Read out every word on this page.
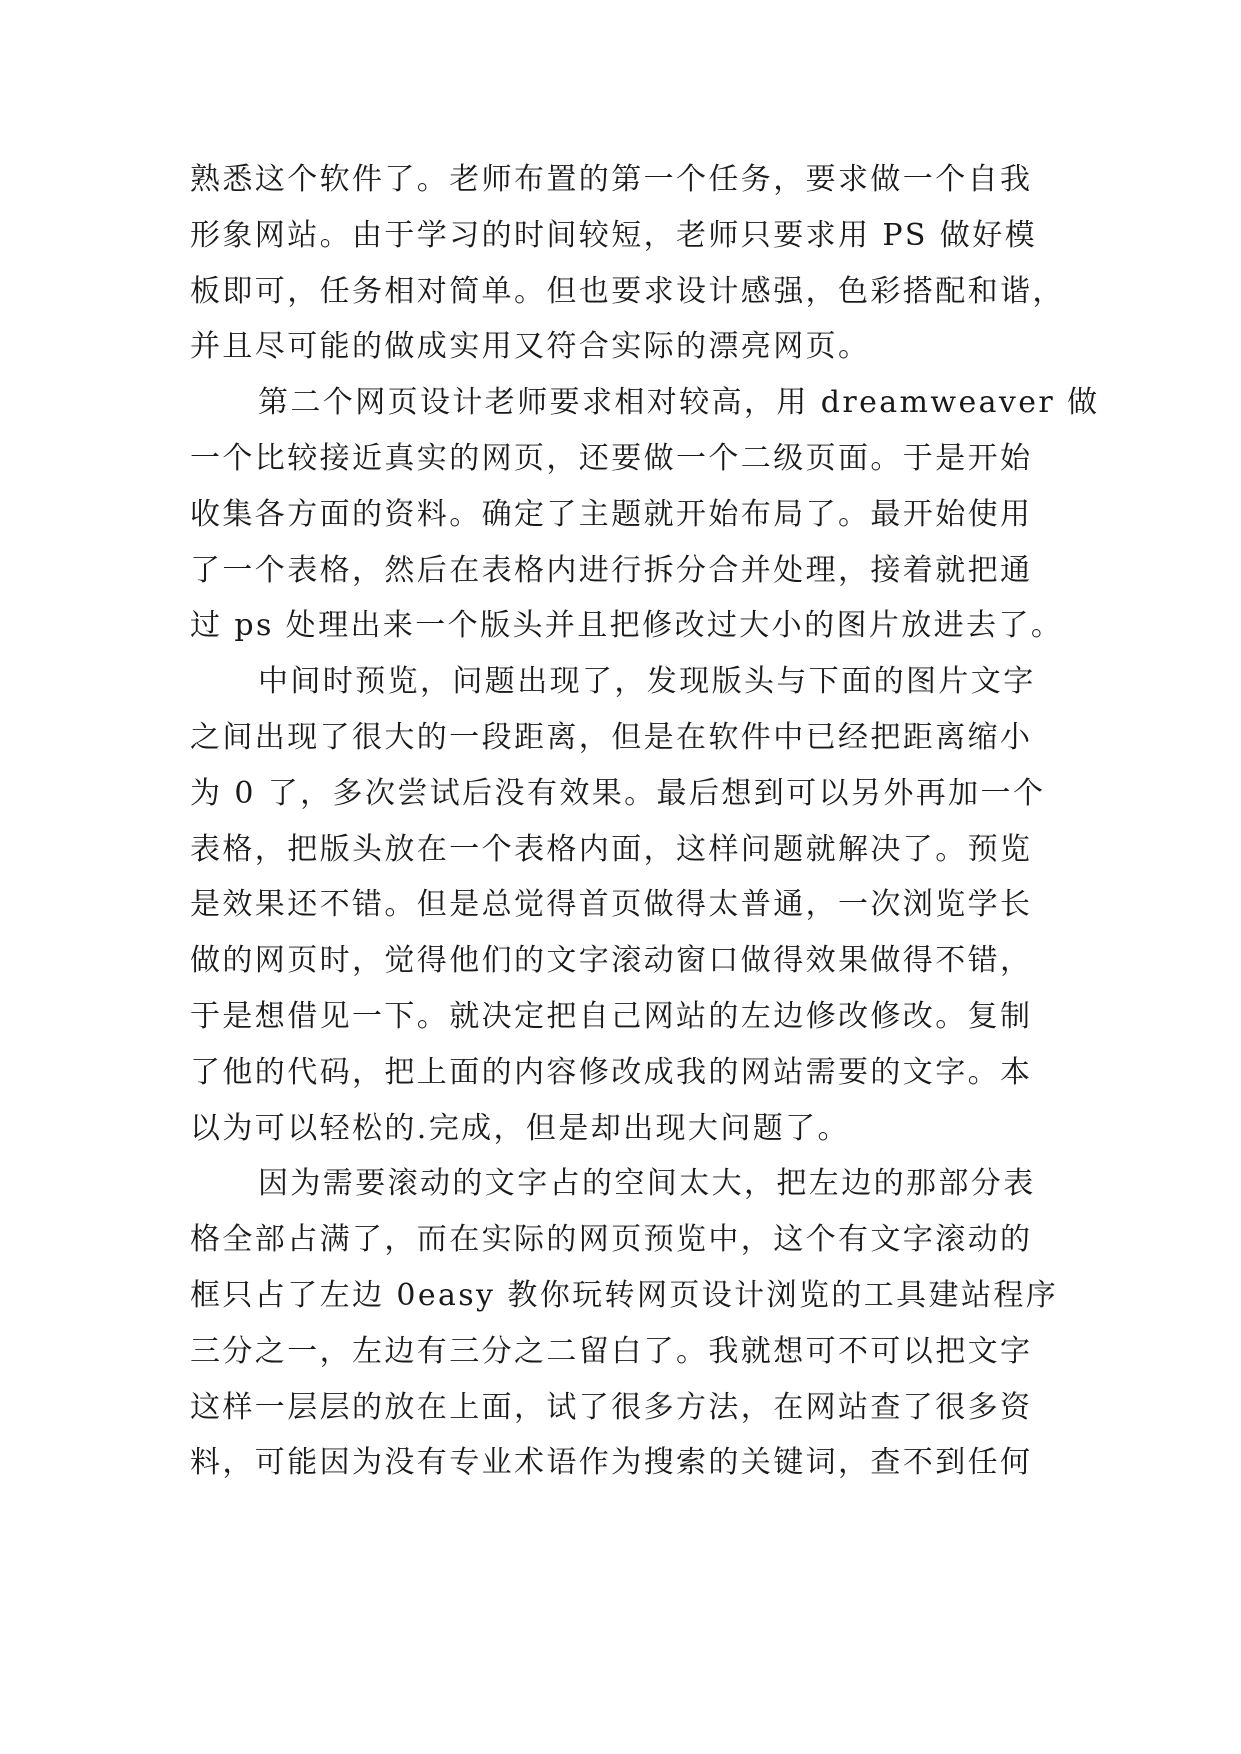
熟悉这个软件了。老师布置的第一个任务，要求做一个自我
形象网站。由于学习的时间较短，老师只要求用 PS 做好模
板即可，任务相对简单。但也要求设计感强，色彩搭配和谐，
并且尽可能的做成实用又符合实际的漂亮网页。
第二个网页设计老师要求相对较高，用 dreamweaver 做
一个比较接近真实的网页，还要做一个二级页面。于是开始
收集各方面的资料。确定了主题就开始布局了。最开始使用
了一个表格，然后在表格内进行拆分合并处理，接着就把通
过 ps 处理出来一个版头并且把修改过大小的图片放进去了。
中间时预览，问题出现了，发现版头与下面的图片文字
之间出现了很大的一段距离，但是在软件中已经把距离缩小
为 0 了，多次尝试后没有效果。最后想到可以另外再加一个
表格，把版头放在一个表格内面，这样问题就解决了。预览
是效果还不错。但是总觉得首页做得太普通，一次浏览学长
做的网页时，觉得他们的文字滚动窗口做得效果做得不错，
于是想借见一下。就决定把自己网站的左边修改修改。复制
了他的代码，把上面的内容修改成我的网站需要的文字。本
以为可以轻松的.完成，但是却出现大问题了。
因为需要滚动的文字占的空间太大，把左边的那部分表
格全部占满了，而在实际的网页预览中，这个有文字滚动的
框只占了左边 0easy 教你玩转网页设计浏览的工具建站程序
三分之一，左边有三分之二留白了。我就想可不可以把文字
这样一层层的放在上面，试了很多方法，在网站查了很多资
料，可能因为没有专业术语作为搜索的关键词，查不到任何
